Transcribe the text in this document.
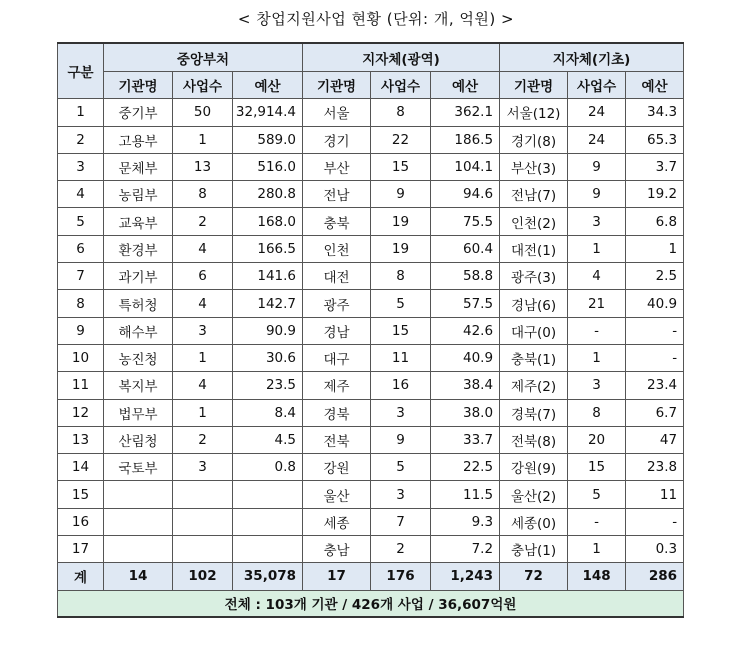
< 창업지원사업 현황 (단위: 개, 억원) >
구분	중앙부처			지자체(광역)			지자체(기초)		
	기관명	사업수	예산	기관명	사업수	예산	기관명	사업수	예산
1	중기부	50	32,914.4	서울	8	362.1	서울(12)	24	34.3
2	고용부	1	589.0	경기	22	186.5	경기(8)	24	65.3
3	문체부	13	516.0	부산	15	104.1	부산(3)	9	3.7
4	농림부	8	280.8	전남	9	94.6	전남(7)	9	19.2
5	교육부	2	168.0	충북	19	75.5	인천(2)	3	6.8
6	환경부	4	166.5	인천	19	60.4	대전(1)	1	1
7	과기부	6	141.6	대전	8	58.8	광주(3)	4	2.5
8	특허청	4	142.7	광주	5	57.5	경남(6)	21	40.9
9	해수부	3	90.9	경남	15	42.6	대구(0)	-	-
10	농진청	1	30.6	대구	11	40.9	충북(1)	1	-
11	복지부	4	23.5	제주	16	38.4	제주(2)	3	23.4
12	법무부	1	8.4	경북	3	38.0	경북(7)	8	6.7
13	산림청	2	4.5	전북	9	33.7	전북(8)	20	47
14	국토부	3	0.8	강원	5	22.5	강원(9)	15	23.8
15				울산	3	11.5	울산(2)	5	11
16				세종	7	9.3	세종(0)	-	-
17				충남	2	7.2	충남(1)	1	0.3
계	14	102	35,078	17	176	1,243	72	148	286
전체 : 103개 기관 / 426개 사업 / 36,607억원									
